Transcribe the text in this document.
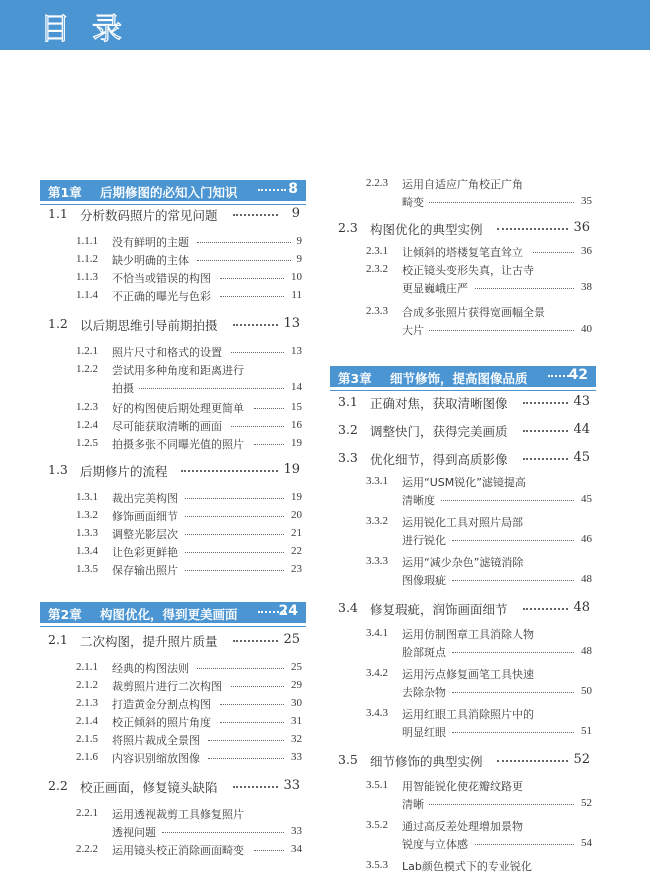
目录
第1章 后期修图的必知入门知识	8
1.1 分析数码照片的常见问题	9
1.1.1 没有鲜明的主题	9
1.1.2 缺少明确的主体	9
1.1.3 不恰当或错误的构图	10
1.1.4 不正确的曝光与色彩	11
1.2 以后期思维引导前期拍摄	13
1.2.1 照片尺寸和格式的设置	13
1.2.2 尝试用多种角度和距离进行
拍摄	14
1.2.3 好的构图使后期处理更简单	15
1.2.4 尽可能获取清晰的画面	16
1.2.5 拍摄多张不同曝光值的照片	19
1.3 后期修片的流程	19
1.3.1 裁出完美构图	19
1.3.2 修饰画面细节	20
1.3.3 调整光影层次	21
1.3.4 让色彩更鲜艳	22
1.3.5 保存输出照片	23
第2章 构图优化，得到更美画面	24
2.1 二次构图，提升照片质量	25
2.1.1 经典的构图法则	25
2.1.2 裁剪照片进行二次构图	29
2.1.3 打造黄金分割点构图	30
2.1.4 校正倾斜的照片角度	31
2.1.5 将照片裁成全景图	32
2.1.6 内容识别缩放图像	33
2.2 校正画面，修复镜头缺陷	33
2.2.1 运用透视裁剪工具修复照片
透视问题	33
2.2.2 运用镜头校正消除画面畸变	34
2.2.3 运用自适应广角校正广角
畸变	35
2.3 构图优化的典型实例	36
2.3.1 让倾斜的塔楼复笔直耸立	36
2.3.2 校正镜头变形失真，让古寺
更显巍峨庄严	38
2.3.3 合成多张照片获得宽画幅全景
大片	40
第3章 细节修饰，提高图像品质	42
3.1 正确对焦，获取清晰图像	43
3.2 调整快门，获得完美画质	44
3.3 优化细节，得到高质影像	45
3.3.1 运用“USM锐化”滤镜提高
清晰度	45
3.3.2 运用锐化工具对照片局部
进行锐化	46
3.3.3 运用“减少杂色”滤镜消除
图像瑕疵	48
3.4 修复瑕疵，润饰画面细节	48
3.4.1 运用仿制图章工具消除人物
脸部斑点	48
3.4.2 运用污点修复画笔工具快速
去除杂物	50
3.4.3 运用红眼工具消除照片中的
明显红眼	51
3.5 细节修饰的典型实例	52
3.5.1 用智能锐化使花瓣纹路更
清晰	52
3.5.2 通过高反差处理增加景物
锐度与立体感	54
3.5.3 Lab颜色模式下的专业锐化
